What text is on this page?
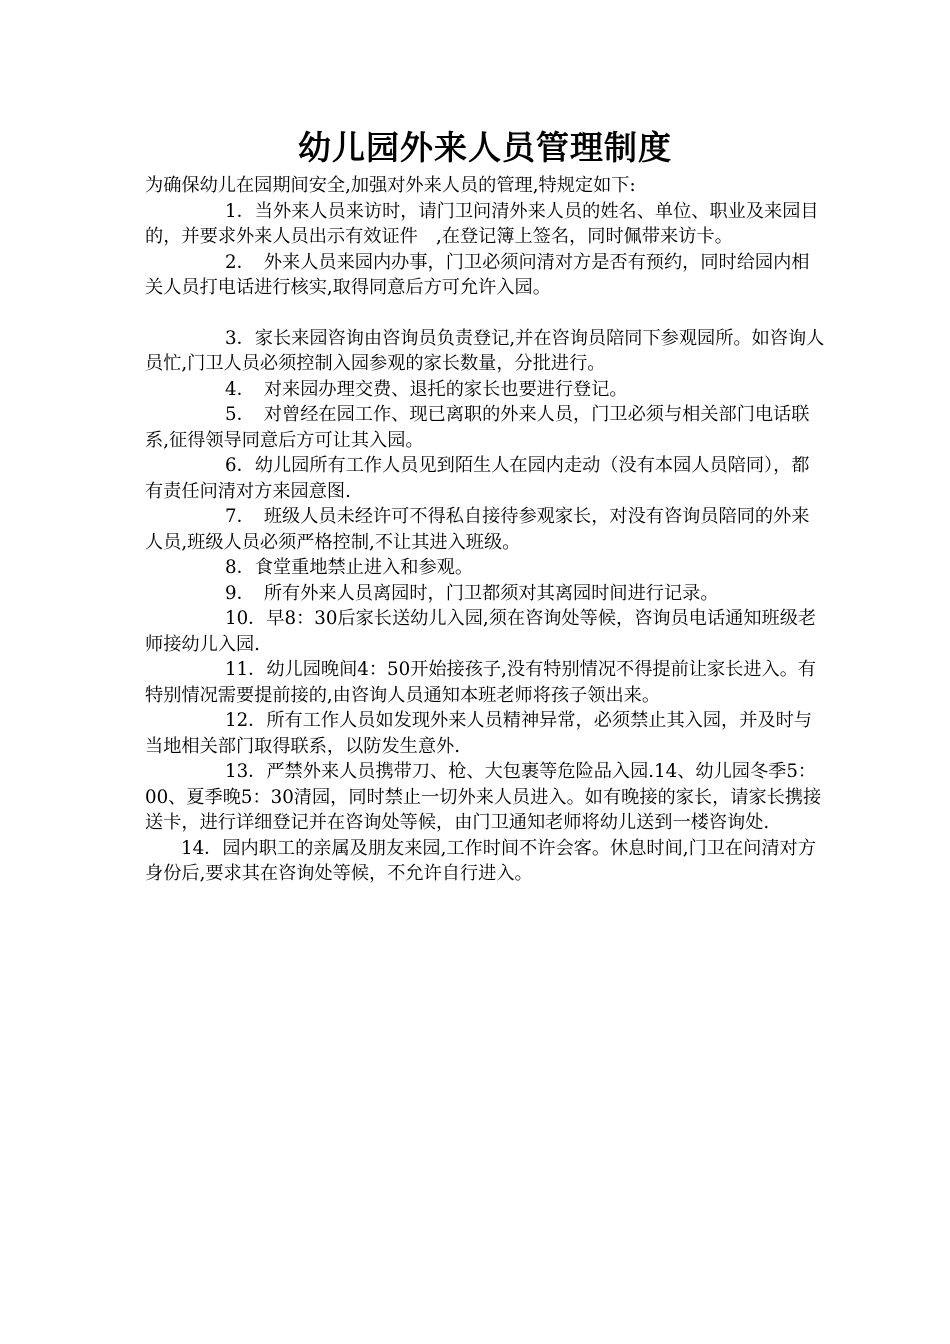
幼儿园外来人员管理制度

为确保幼儿在园期间安全,加强对外来人员的管理,特规定如下:

1．当外来人员来访时，请门卫问清外来人员的姓名、单位、职业及来园目的，并要求外来人员出示有效证件　,在登记簿上签名，同时佩带来访卡。

2．　外来人员来园内办事，门卫必须问清对方是否有预约，同时给园内相关人员打电话进行核实,取得同意后方可允许入园。

3．家长来园咨询由咨询员负责登记,并在咨询员陪同下参观园所。如咨询人员忙,门卫人员必须控制入园参观的家长数量，分批进行。

4．　对来园办理交费、退托的家长也要进行登记。

5．　对曾经在园工作、现已离职的外来人员，门卫必须与相关部门电话联系,征得领导同意后方可让其入园。

6．幼儿园所有工作人员见到陌生人在园内走动（没有本园人员陪同），都有责任问清对方来园意图.

7．　班级人员未经许可不得私自接待参观家长，对没有咨询员陪同的外来人员,班级人员必须严格控制,不让其进入班级。

8．食堂重地禁止进入和参观。

9．　所有外来人员离园时，门卫都须对其离园时间进行记录。

10．早8：30后家长送幼儿入园,须在咨询处等候，咨询员电话通知班级老师接幼儿入园.

11．幼儿园晚间4：50开始接孩子,没有特别情况不得提前让家长进入。有特别情况需要提前接的,由咨询人员通知本班老师将孩子领出来。

12．所有工作人员如发现外来人员精神异常，必须禁止其入园，并及时与当地相关部门取得联系，以防发生意外.

13．严禁外来人员携带刀、枪、大包裹等危险品入园.14、幼儿园冬季5：00、夏季晚5：30清园，同时禁止一切外来人员进入。如有晚接的家长，请家长携接送卡，进行详细登记并在咨询处等候，由门卫通知老师将幼儿送到一楼咨询处.

14．园内职工的亲属及朋友来园,工作时间不许会客。休息时间,门卫在问清对方身份后,要求其在咨询处等候，不允许自行进入。
